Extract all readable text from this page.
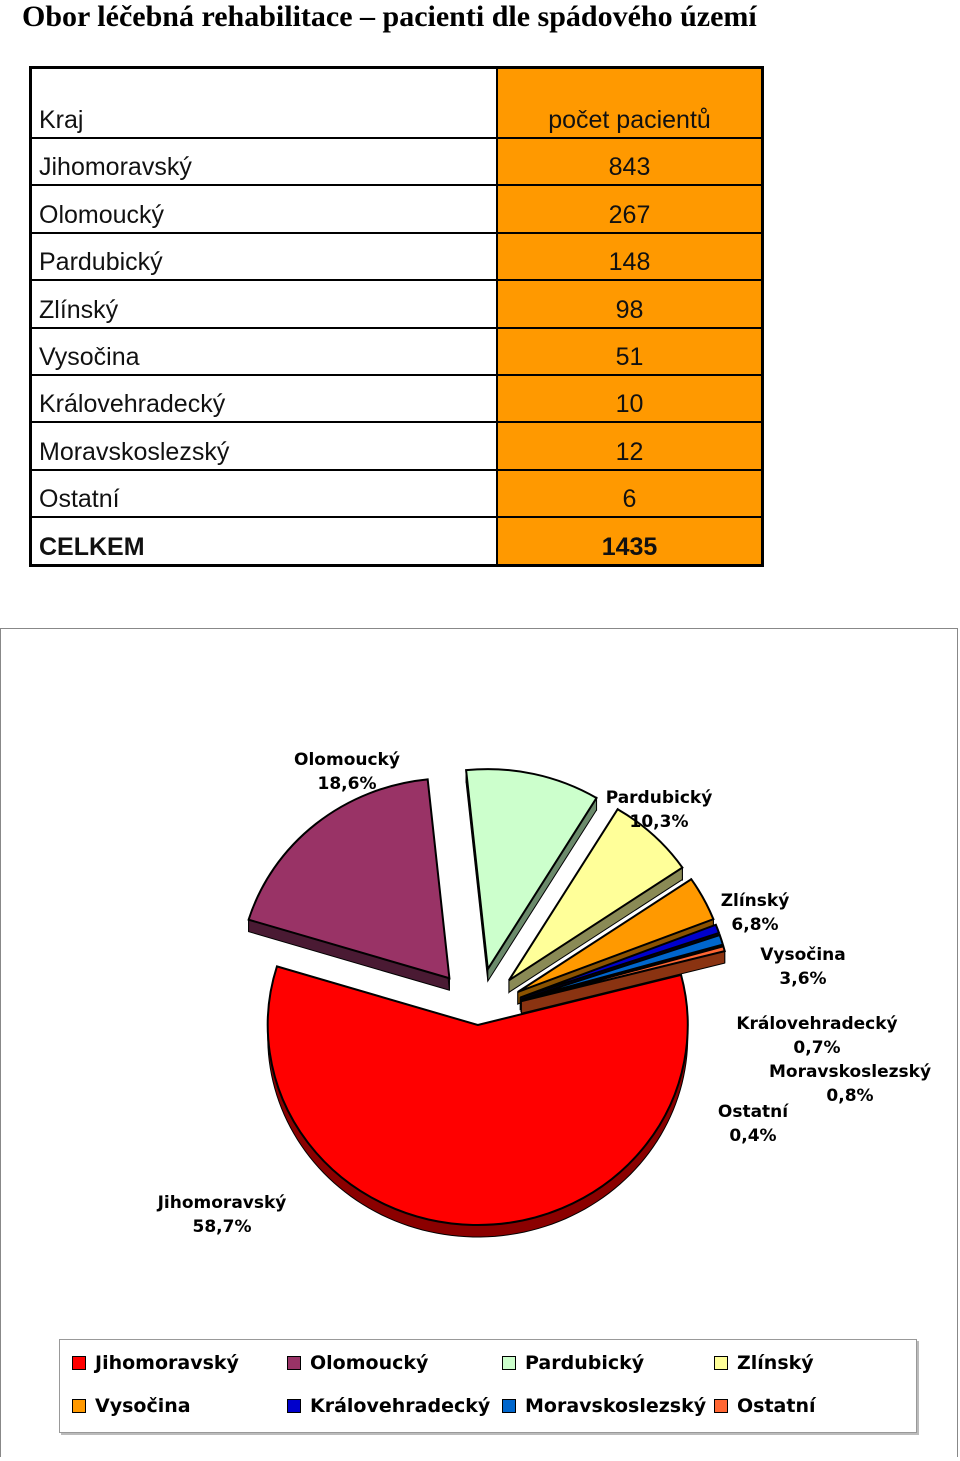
Obor léčebná rehabilitace – pacienti dle spádového území
Kraj	počet pacientů
Jihomoravský	843
Olomoucký	267
Pardubický	148
Zlínský	98
Vysočina	51
Královehradecký	10
Moravskoslezský	12
Ostatní	6
CELKEM	1435
Jihomoravský 58,7%
Olomoucký 18,6%
Pardubický 10,3%
Zlínský 6,8%
Vysočina 3,6%
Královehradecký 0,7%
Moravskoslezský 0,8%
Ostatní 0,4%
Jihomoravský	Olomoucký	Pardubický	Zlínský
Vysočina	Královehradecký Moravskoslezský Ostatní
